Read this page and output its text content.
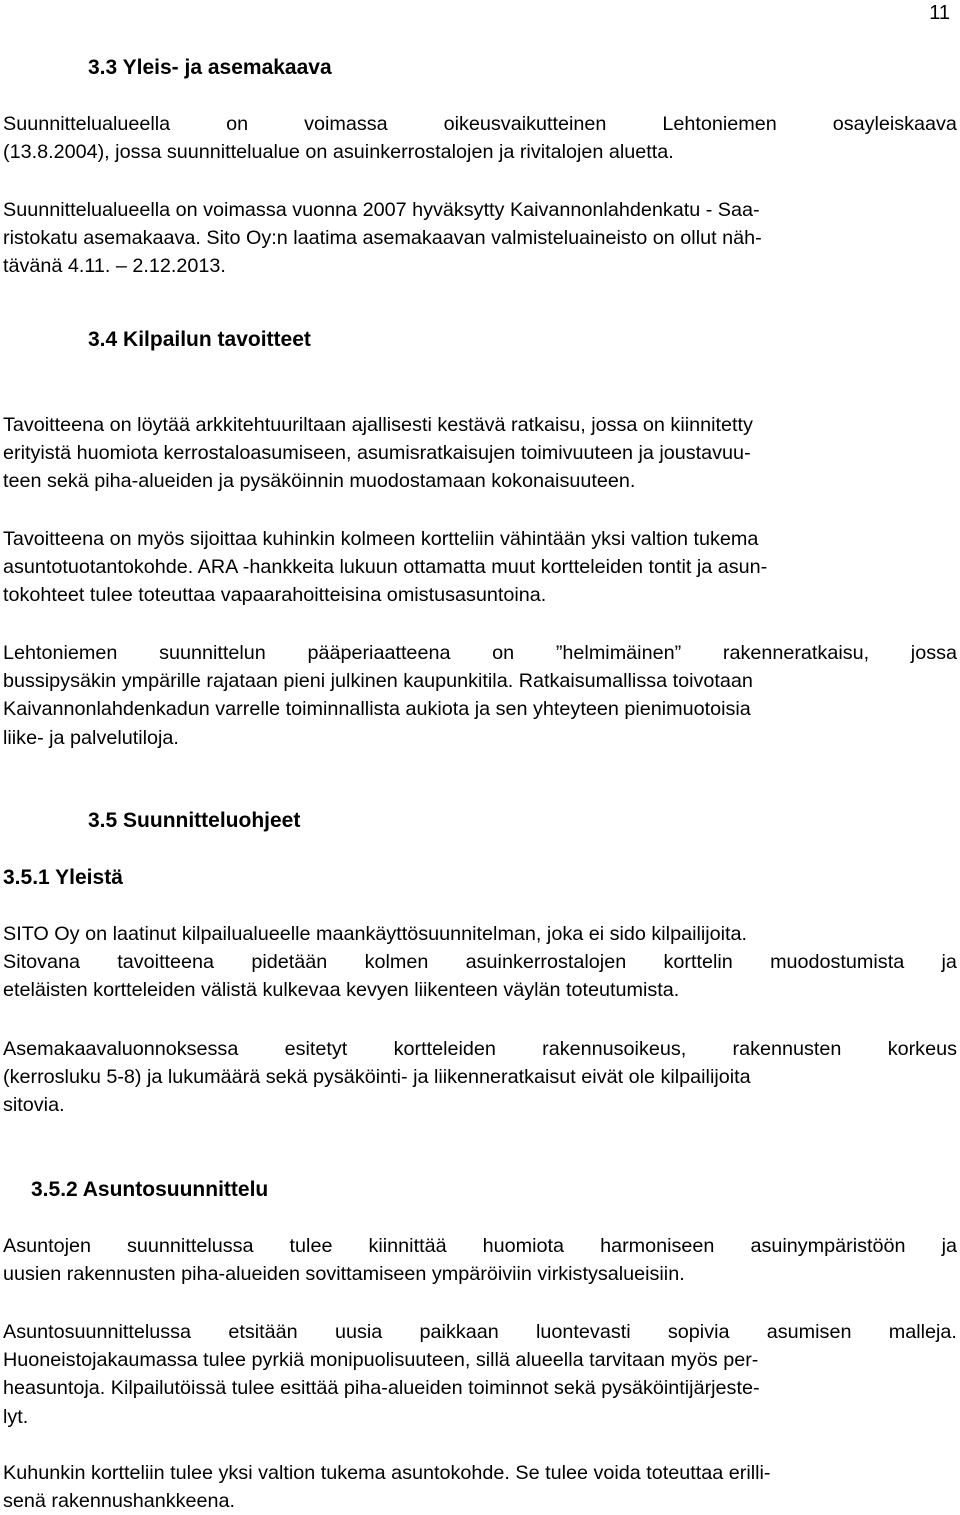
11
3.3 Yleis- ja asemakaava
Suunnittelualueella	on	voimassa	oikeusvaikutteinen	Lehtoniemen	osayleiskaava
(13.8.2004), jossa suunnittelualue on asuinkerrostalojen ja rivitalojen aluetta.
Suunnittelualueella on voimassa vuonna 2007 hyväksytty Kaivannonlahdenkatu - Saa-
ristokatu asemakaava. Sito Oy:n laatima asemakaavan valmisteluaineisto on ollut näh-
tävänä 4.11. – 2.12.2013.
3.4 Kilpailun tavoitteet
Tavoitteena on löytää arkkitehtuuriltaan ajallisesti kestävä ratkaisu, jossa on kiinnitetty
erityistä huomiota kerrostaloasumiseen, asumisratkaisujen toimivuuteen ja joustavuu-
teen sekä piha-alueiden ja pysäköinnin muodostamaan kokonaisuuteen.
Tavoitteena on myös sijoittaa kuhinkin kolmeen kortteliin vähintään yksi valtion tukema
asuntotuotantokohde. ARA -hankkeita lukuun ottamatta muut kortteleiden tontit ja asun-
tokohteet tulee toteuttaa vapaarahoitteisina omistusasuntoina.
Lehtoniemen suunnittelun pääperiaatteena on ”helmimäinen” rakenneratkaisu, jossa
bussipysäkin ympärille rajataan pieni julkinen kaupunkitila. Ratkaisumallissa toivotaan
Kaivannonlahdenkadun varrelle toiminnallista aukiota ja sen yhteyteen pienimuotoisia
liike- ja palvelutiloja.
3.5 Suunnitteluohjeet
3.5.1 Yleistä
SITO Oy on laatinut kilpailualueelle maankäyttösuunnitelman, joka ei sido kilpailijoita.
Sitovana tavoitteena pidetään kolmen asuinkerrostalojen korttelin muodostumista ja
eteläisten kortteleiden välistä kulkevaa kevyen liikenteen väylän toteutumista.
Asemakaavaluonnoksessa esitetyt kortteleiden rakennusoikeus, rakennusten korkeus
(kerrosluku 5-8) ja lukumäärä sekä pysäköinti- ja liikenneratkaisut eivät ole kilpailijoita
sitovia.
3.5.2 Asuntosuunnittelu
Asuntojen suunnittelussa tulee kiinnittää huomiota harmoniseen asuinympäristöön ja
uusien rakennusten piha-alueiden sovittamiseen ympäröiviin virkistysalueisiin.
Asuntosuunnittelussa etsitään uusia paikkaan luontevasti sopivia asumisen malleja.
Huoneistojakaumassa tulee pyrkiä monipuolisuuteen, sillä alueella tarvitaan myös per-
heasuntoja. Kilpailutöissä tulee esittää piha-alueiden toiminnot sekä pysäköintijärjeste-
lyt.
Kuhunkin kortteliin tulee yksi valtion tukema asuntokohde. Se tulee voida toteuttaa erilli-
senä rakennushankkeena.
